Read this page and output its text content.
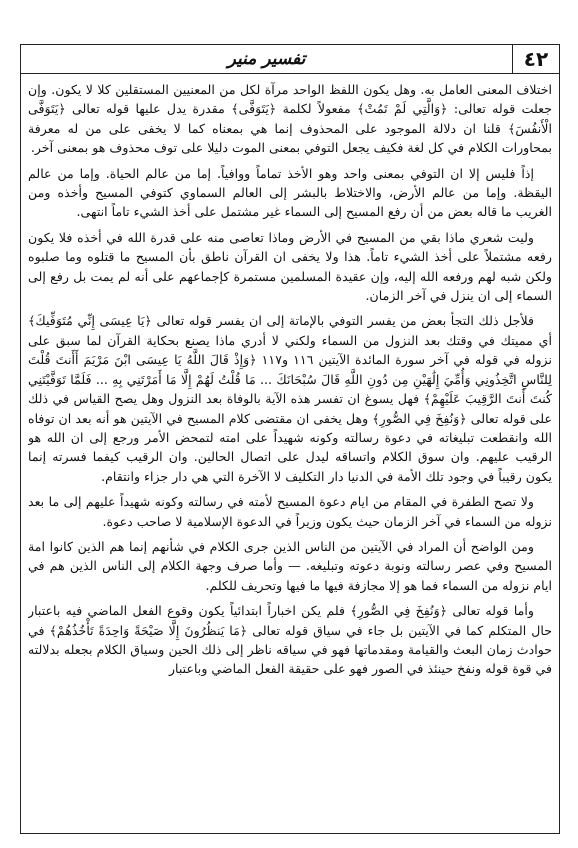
٤٢
تفسير منير

اختلاف المعنى العامل به. وهل يكون اللفظ الواحد مرآة لكل من المعنيين المستقلين كلا لا يكون. وإن جعلت قوله تعالى: ﴿وَالَّتِي لَمْ تَمُتْ﴾ مفعولاً لكلمة ﴿يَتَوَفَّى﴾ مقدرة يدل عليها قوله تعالى ﴿يَتَوَفَّى الْأَنفُسَ﴾ قلنا ان دلالة الموجود على المحذوف إنما هي بمعناه كما لا يخفى على من له معرفة بمحاورات الكلام في كل لغة فكيف يجعل التوفي بمعنى الموت دليلا على توف محذوف هو بمعنى آخر.

إذاً فليس إلا ان التوفي بمعنى واحد وهو الأخذ تماماً ووافياً. إما من عالم الحياة. وإما من عالم اليقظة. وإما من عالم الأرض، والاختلاط بالبشر إلى العالم السماوي كتوفي المسيح وأخذه ومن الغريب ما قاله بعض من أن رفع المسيح إلى السماء غير مشتمل على أخذ الشيء تاماً انتهى.

وليت شعري ماذا بقي من المسيح في الأرض وماذا تعاصى منه على قدرة الله في أخذه فلا يكون رفعه مشتملاً على أخذ الشيء تاماً. هذا ولا يخفى ان القرآن ناطق بأن المسيح ما قتلوه وما صلبوه ولكن شبه لهم ورفعه الله إليه، وإن عقيدة المسلمين مستمرة كإجماعهم على أنه لم يمت بل رفع إلى السماء إلى ان ينزل في آخر الزمان.

فلأجل ذلك التجأ بعض من يفسر التوفي بالإماتة إلى ان يفسر قوله تعالى ﴿يَا عِيسَى إِنِّي مُتَوَفِّيكَ﴾ أي مميتك في وقتك بعد النزول من السماء ولكني لا أدري ماذا يصنع بحكاية القرآن لما سبق على نزوله في قوله في آخر سورة المائدة الآيتين ١١٦ و١١٧ ﴿وَإِذْ قَالَ اللَّهُ يَا عِيسَى ابْنَ مَرْيَمَ أَأَنتَ قُلْتَ لِلنَّاسِ اتَّخِذُونِي وَأُمِّيَ إِلَٰهَيْنِ مِن دُونِ اللَّهِ قَالَ سُبْحَانَكَ ... مَا قُلْتُ لَهُمْ إِلَّا مَا أَمَرْتَنِي بِهِ ... فَلَمَّا تَوَفَّيْتَنِي كُنتَ أَنتَ الرَّقِيبَ عَلَيْهِمْ﴾ فهل يسوغ ان تفسر هذه الآية بالوفاة بعد النزول وهل يصح القياس في ذلك على قوله تعالى ﴿وَنُفِخَ فِي الصُّورِ﴾ وهل يخفى ان مقتضى كلام المسيح في الآيتين هو أنه بعد ان توفاه الله وانقطعت تبليغاته في دعوة رسالته وكونه شهيداً على امته لتمحض الأمر ورجع إلى ان الله هو الرقيب عليهم. وان سوق الكلام واتساقه ليدل على اتصال الحالين. وان الرقيب كيفما فسرته إنما يكون رقيباً في وجود تلك الأمة في الدنيا دار التكليف لا الآخرة التي هي دار جزاء وانتقام.

ولا تصح الطفرة في المقام من ايام دعوة المسيح لأمته في رسالته وكونه شهيداً عليهم إلى ما بعد نزوله من السماء في آخر الزمان حيث يكون وزيراً في الدعوة الإسلامية لا صاحب دعوة.

ومن الواضح أن المراد في الآيتين من الناس الذين جرى الكلام في شأنهم إنما هم الذين كانوا امة المسيح وفي عصر رسالته ونوبة دعوته وتبليغه. — وأما صرف وجهة الكلام إلى الناس الذين هم في ايام نزوله من السماء فما هو إلا مجازفة فيها ما فيها وتحريف للكلم.

وأما قوله تعالى ﴿وَنُفِخَ فِي الصُّورِ﴾ فلم يكن اخباراً ابتدائياً يكون وقوع الفعل الماضي فيه باعتبار حال المتكلم كما في الآيتين بل جاء في سياق قوله تعالى ﴿مَا يَنظُرُونَ إِلَّا صَيْحَةً وَاحِدَةً تَأْخُذُهُمْ﴾ في حوادث زمان البعث والقيامة ومقدماتها فهو في سياقه ناظر إلى ذلك الحين وسياق الكلام بجعله بدلالته في قوة قوله ونفخ حينئذ في الصور فهو على حقيقة الفعل الماضي وباعتبار
